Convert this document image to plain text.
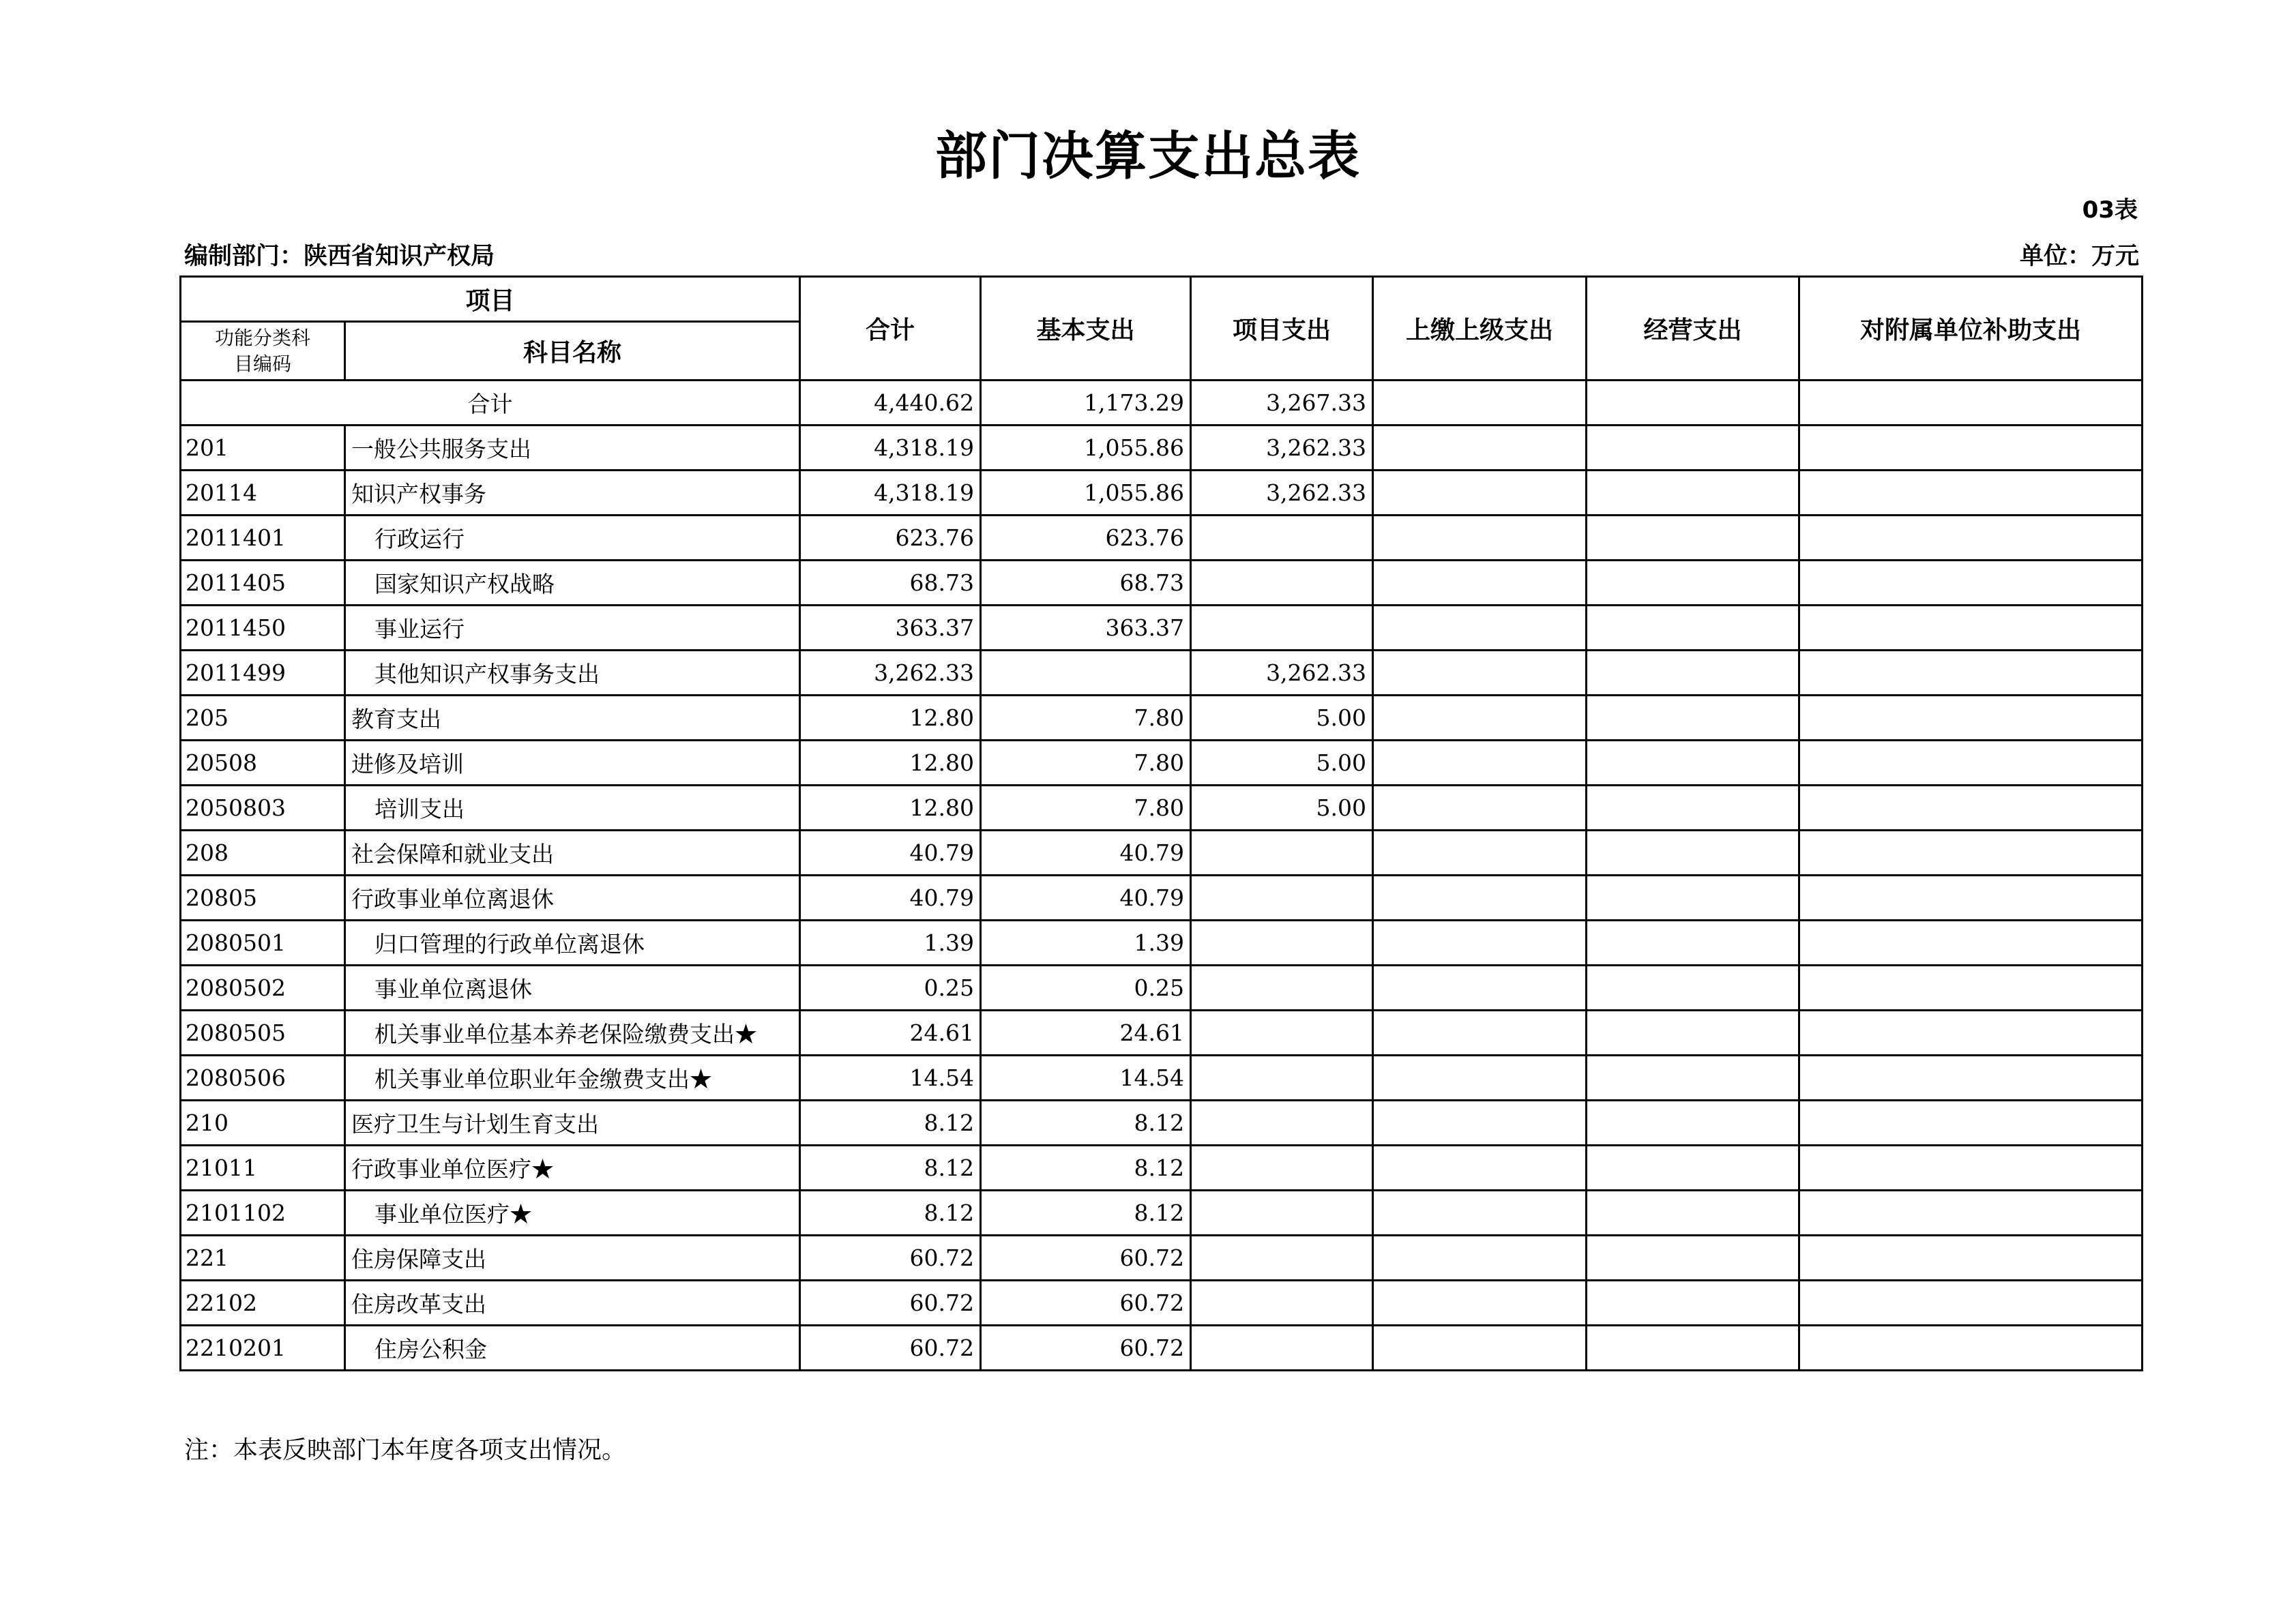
部门决算支出总表
03表
编制部门：陕西省知识产权局	单位：万元
项目		合计	基本支出	项目支出	上缴上级支出	经营支出	对附属单位补助支出
功能分类科目编码	科目名称						
合计		4,440.62	1,173.29	3,267.33			
201	一般公共服务支出	4,318.19	1,055.86	3,262.33			
20114	知识产权事务	4,318.19	1,055.86	3,262.33			
2011401	行政运行	623.76	623.76				
2011405	国家知识产权战略	68.73	68.73				
2011450	事业运行	363.37	363.37				
2011499	其他知识产权事务支出	3,262.33		3,262.33			
205	教育支出	12.80	7.80	5.00			
20508	进修及培训	12.80	7.80	5.00			
2050803	培训支出	12.80	7.80	5.00			
208	社会保障和就业支出	40.79	40.79				
20805	行政事业单位离退休	40.79	40.79				
2080501	归口管理的行政单位离退休	1.39	1.39				
2080502	事业单位离退休	0.25	0.25				
2080505	机关事业单位基本养老保险缴费支出★	24.61	24.61				
2080506	机关事业单位职业年金缴费支出★	14.54	14.54				
210	医疗卫生与计划生育支出	8.12	8.12				
21011	行政事业单位医疗★	8.12	8.12				
2101102	事业单位医疗★	8.12	8.12				
221	住房保障支出	60.72	60.72				
22102	住房改革支出	60.72	60.72				
2210201	住房公积金	60.72	60.72				
注：本表反映部门本年度各项支出情况。
